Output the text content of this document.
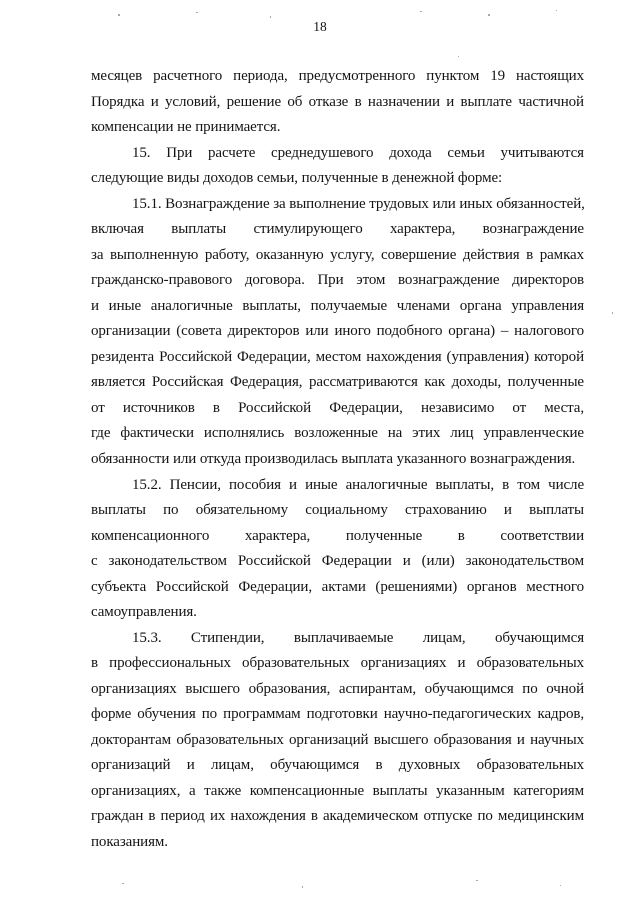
18
месяцев расчетного периода, предусмотренного пунктом 19 настоящих
Порядка и условий, решение об отказе в назначении и выплате частичной
компенсации не принимается.
15. При расчете среднедушевого дохода семьи учитываются
следующие виды доходов семьи, полученные в денежной форме:
15.1. Вознаграждение за выполнение трудовых или иных обязанностей,
включая выплаты стимулирующего характера, вознаграждение
за выполненную работу, оказанную услугу, совершение действия в рамках
гражданско-правового договора. При этом вознаграждение директоров
и иные аналогичные выплаты, получаемые членами органа управления
организации (совета директоров или иного подобного органа) – налогового
резидента Российской Федерации, местом нахождения (управления) которой
является Российская Федерация, рассматриваются как доходы, полученные
от источников в Российской Федерации, независимо от места,
где фактически исполнялись возложенные на этих лиц управленческие
обязанности или откуда производилась выплата указанного вознаграждения.
15.2. Пенсии, пособия и иные аналогичные выплаты, в том числе
выплаты по обязательному социальному страхованию и выплаты
компенсационного характера, полученные в соответствии
с законодательством Российской Федерации и (или) законодательством
субъекта Российской Федерации, актами (решениями) органов местного
самоуправления.
15.3. Стипендии, выплачиваемые лицам, обучающимся
в профессиональных образовательных организациях и образовательных
организациях высшего образования, аспирантам, обучающимся по очной
форме обучения по программам подготовки научно-педагогических кадров,
докторантам образовательных организаций высшего образования и научных
организаций и лицам, обучающимся в духовных образовательных
организациях, а также компенсационные выплаты указанным категориям
граждан в период их нахождения в академическом отпуске по медицинским
показаниям.
